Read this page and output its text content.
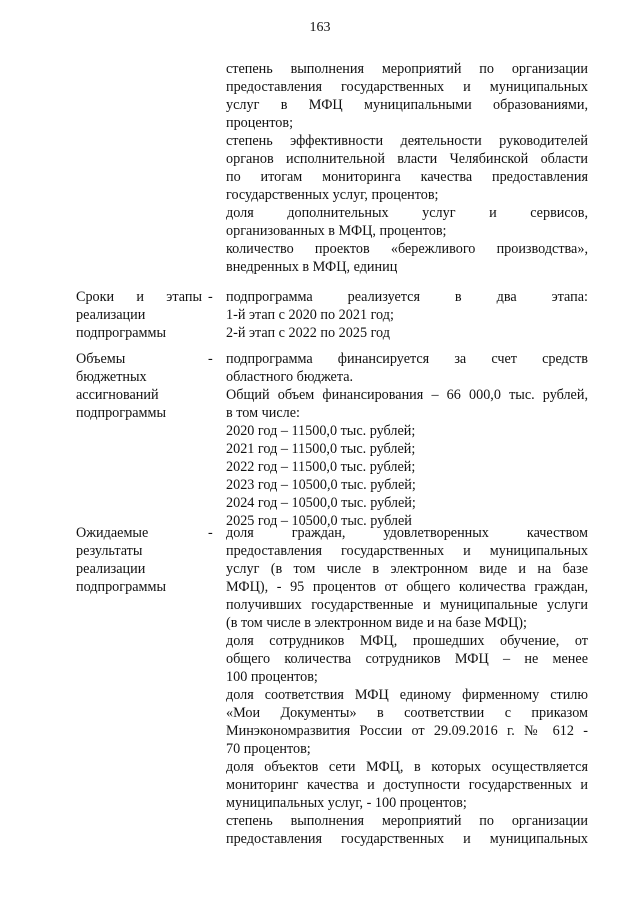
163
степень выполнения мероприятий по организации
предоставления государственных и муниципальных
услуг в МФЦ муниципальными образованиями,
процентов;
степень эффективности деятельности руководителей
органов исполнительной власти Челябинской области
по итогам мониторинга качества предоставления
государственных услуг, процентов;
доля дополнительных услуг и сервисов,
организованных в МФЦ, процентов;
количество проектов «бережливого производства»,
внедренных в МФЦ, единиц
Сроки и этапы
реализации
подпрограммы
- подпрограмма реализуется в два этапа:
1-й этап с 2020 по 2021 год;
2-й этап с 2022 по 2025 год
Объемы
бюджетных
ассигнований
подпрограммы
- подпрограмма финансируется за счет средств
областного бюджета.
Общий объем финансирования – 66 000,0 тыс. рублей,
в том числе:
2020 год – 11500,0 тыс. рублей;
2021 год – 11500,0 тыс. рублей;
2022 год – 11500,0 тыс. рублей;
2023 год – 10500,0 тыс. рублей;
2024 год – 10500,0 тыс. рублей;
2025 год – 10500,0 тыс. рублей
Ожидаемые
результаты
реализации
подпрограммы
- доля граждан, удовлетворенных качеством
предоставления государственных и муниципальных
услуг (в том числе в электронном виде и на базе
МФЦ), - 95 процентов от общего количества граждан,
получивших государственные и муниципальные услуги
(в том числе в электронном виде и на базе МФЦ);
доля сотрудников МФЦ, прошедших обучение, от
общего количества сотрудников МФЦ – не менее
100 процентов;
доля соответствия МФЦ единому фирменному стилю
«Мои Документы» в соответствии с приказом
Минэкономразвития России от 29.09.2016 г. № 612 -
70 процентов;
доля объектов сети МФЦ, в которых осуществляется
мониторинг качества и доступности государственных и
муниципальных услуг, - 100 процентов;
степень выполнения мероприятий по организации
предоставления государственных и муниципальных
